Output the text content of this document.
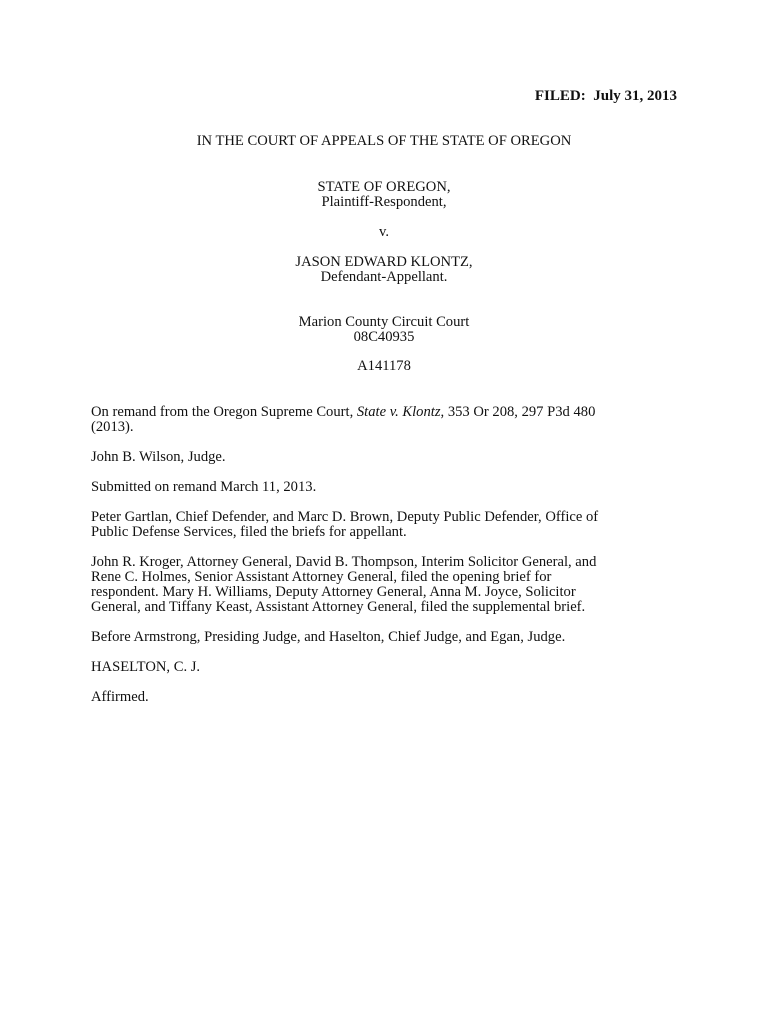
FILED:  July 31, 2013
IN THE COURT OF APPEALS OF THE STATE OF OREGON
STATE OF OREGON,
Plaintiff-Respondent,
v.
JASON EDWARD KLONTZ,
Defendant-Appellant.
Marion County Circuit Court
08C40935
A141178
On remand from the Oregon Supreme Court, State v. Klontz, 353 Or 208, 297 P3d 480
(2013).
John B. Wilson, Judge.
Submitted on remand March 11, 2013.
Peter Gartlan, Chief Defender, and Marc D. Brown, Deputy Public Defender, Office of
Public Defense Services, filed the briefs for appellant.
John R. Kroger, Attorney General, David B. Thompson, Interim Solicitor General, and
Rene C. Holmes, Senior Assistant Attorney General, filed the opening brief for
respondent. Mary H. Williams, Deputy Attorney General, Anna M. Joyce, Solicitor
General, and Tiffany Keast, Assistant Attorney General, filed the supplemental brief.
Before Armstrong, Presiding Judge, and Haselton, Chief Judge, and Egan, Judge.
HASELTON, C. J.
Affirmed.
